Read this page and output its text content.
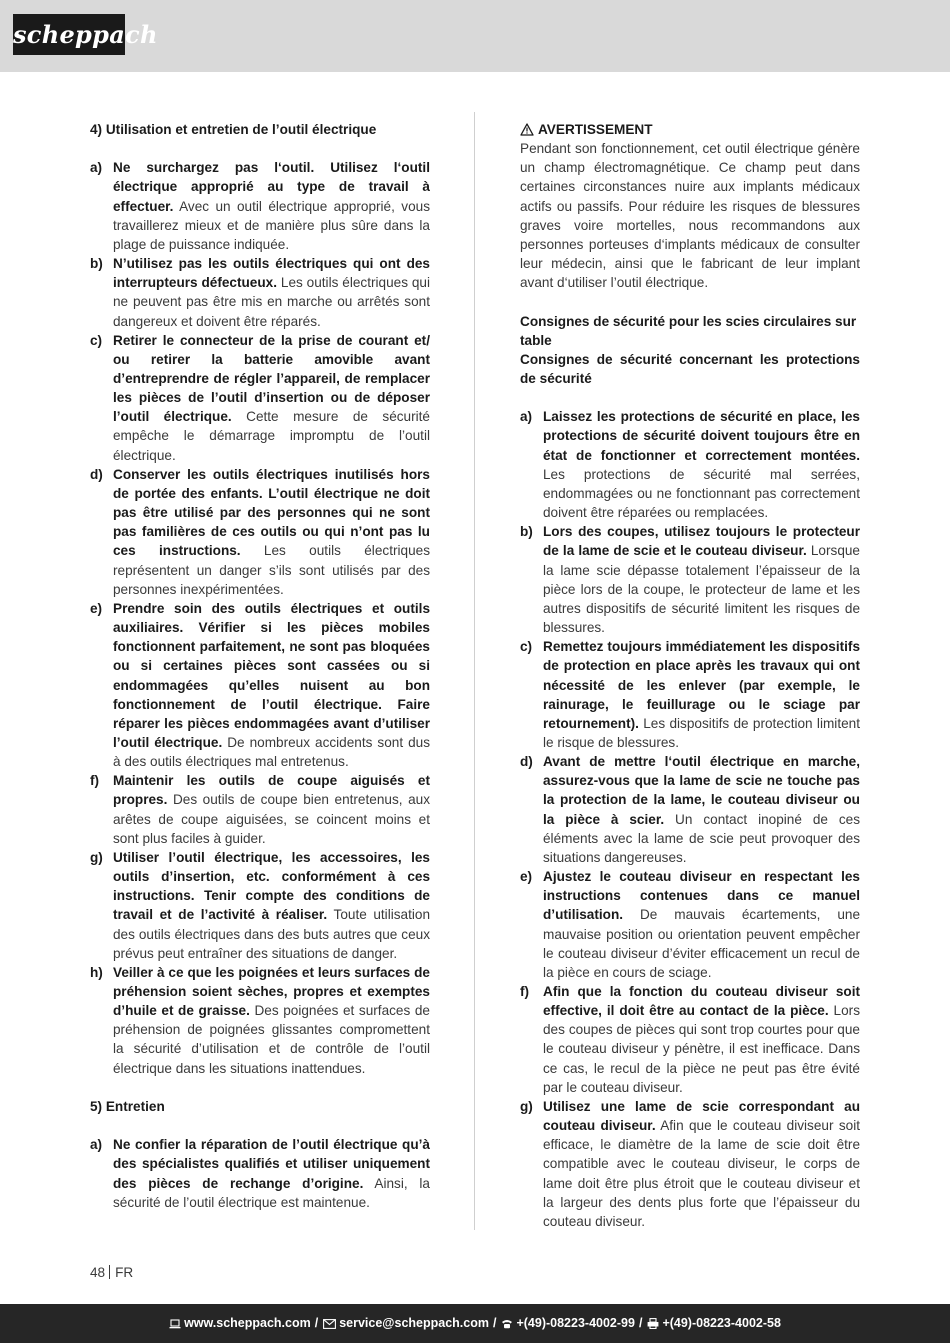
scheppach
4) Utilisation et entretien de l’outil électrique
a) Ne surchargez pas l‘outil. Utilisez l‘outil électrique approprié au type de travail à effectuer. Avec un outil électrique approprié, vous travaillerez mieux et de manière plus sûre dans la plage de puissance indiquée.
b) N’utilisez pas les outils électriques qui ont des interrupteurs défectueux. Les outils électriques qui ne peuvent pas être mis en marche ou arrêtés sont dangereux et doivent être réparés.
c) Retirer le connecteur de la prise de courant et/ ou retirer la batterie amovible avant d’entreprendre de régler l’appareil, de remplacer les pièces de l’outil d’insertion ou de déposer l’outil électrique. Cette mesure de sécurité empêche le démarrage impromptu de l’outil électrique.
d) Conserver les outils électriques inutilisés hors de portée des enfants. L’outil électrique ne doit pas être utilisé par des personnes qui ne sont pas familières de ces outils ou qui n’ont pas lu ces instructions. Les outils électriques représentent un danger s’ils sont utilisés par des personnes inexpérimentées.
e) Prendre soin des outils électriques et outils auxiliaires. Vérifier si les pièces mobiles fonctionnent parfaitement, ne sont pas bloquées ou si certaines pièces sont cassées ou si endommagées qu’elles nuisent au bon fonctionnement de l’outil électrique. Faire réparer les pièces endommagées avant d’utiliser l’outil électrique. De nombreux accidents sont dus à des outils électriques mal entretenus.
f) Maintenir les outils de coupe aiguisés et propres. Des outils de coupe bien entretenus, aux arêtes de coupe aiguisées, se coincent moins et sont plus faciles à guider.
g) Utiliser l’outil électrique, les accessoires, les outils d’insertion, etc. conformément à ces instructions. Tenir compte des conditions de travail et de l’activité à réaliser. Toute utilisation des outils électriques dans des buts autres que ceux prévus peut entraîner des situations de danger.
h) Veiller à ce que les poignées et leurs surfaces de préhension soient sèches, propres et exemptes d’huile et de graisse. Des poignées et surfaces de préhension de poignées glissantes compromettent la sécurité d’utilisation et de contrôle de l’outil électrique dans les situations inattendues.
5) Entretien
a) Ne confier la réparation de l’outil électrique qu’à des spécialistes qualifiés et utiliser uniquement des pièces de rechange d’origine. Ainsi, la sécurité de l’outil électrique est maintenue.
AVERTISSEMENT
Pendant son fonctionnement, cet outil électrique génère un champ électromagnétique. Ce champ peut dans certaines circonstances nuire aux implants médicaux actifs ou passifs. Pour réduire les risques de blessures graves voire mortelles, nous recommandons aux personnes porteuses d‘implants médicaux de consulter leur médecin, ainsi que le fabricant de leur implant avant d‘utiliser l’outil électrique.
Consignes de sécurité pour les scies circulaires sur table
Consignes de sécurité concernant les protections de sécurité
a) Laissez les protections de sécurité en place, les protections de sécurité doivent toujours être en état de fonctionner et correctement montées. Les protections de sécurité mal serrées, endommagées ou ne fonctionnant pas correctement doivent être réparées ou remplacées.
b) Lors des coupes, utilisez toujours le protecteur de la lame de scie et le couteau diviseur. Lorsque la lame scie dépasse totalement l’épaisseur de la pièce lors de la coupe, le protecteur de lame et les autres dispositifs de sécurité limitent les risques de blessures.
c) Remettez toujours immédiatement les dispositifs de protection en place après les travaux qui ont nécessité de les enlever (par exemple, le rainurage, le feuillurage ou le sciage par retournement). Les dispositifs de protection limitent le risque de blessures.
d) Avant de mettre l‘outil électrique en marche, assurez-vous que la lame de scie ne touche pas la protection de la lame, le couteau diviseur ou la pièce à scier. Un contact inopiné de ces éléments avec la lame de scie peut provoquer des situations dangereuses.
e) Ajustez le couteau diviseur en respectant les instructions contenues dans ce manuel d’utilisation. De mauvais écartements, une mauvaise position ou orientation peuvent empêcher le couteau diviseur d’éviter efficacement un recul de la pièce en cours de sciage.
f) Afin que la fonction du couteau diviseur soit effective, il doit être au contact de la pièce. Lors des coupes de pièces qui sont trop courtes pour que le couteau diviseur y pénètre, il est inefficace. Dans ce cas, le recul de la pièce ne peut pas être évité par le couteau diviseur.
g) Utilisez une lame de scie correspondant au couteau diviseur. Afin que le couteau diviseur soit efficace, le diamètre de la lame de scie doit être compatible avec le couteau diviseur, le corps de lame doit être plus étroit que le couteau diviseur et la largeur des dents plus forte que l’épaisseur du couteau diviseur.
48 FR
www.scheppach.com / service@scheppach.com / +(49)-08223-4002-99 / +(49)-08223-4002-58
